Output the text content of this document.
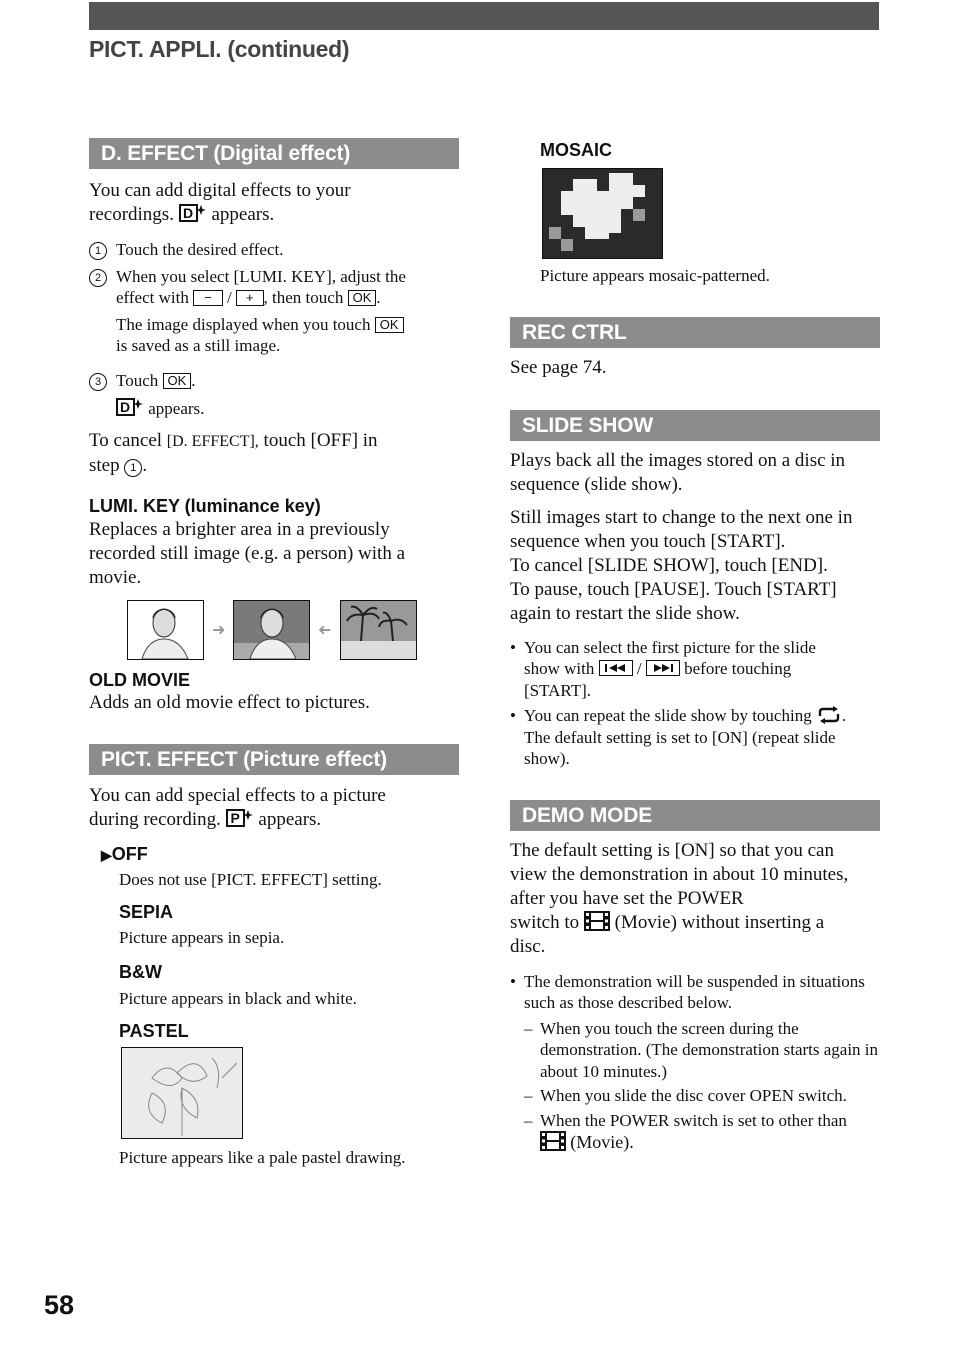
PICT. APPLI. (continued)
D. EFFECT (Digital effect)
You can add digital effects to your
recordings. D appears.
1 Touch the desired effect.
2 When you select [LUMI. KEY], adjust the
effect with − / + , then touch OK .
The image displayed when you touch OK
is saved as a still image.
3 Touch OK .
D appears.
To cancel [D. EFFECT], touch [OFF] in
step 1 .
LUMI. KEY (luminance key)
Replaces a brighter area in a previously recorded still image (e.g. a person) with a movie.
➜	➜
OLD MOVIE
Adds an old movie effect to pictures.
PICT. EFFECT (Picture effect)
You can add special effects to a picture
during recording. P appears.
▶OFF
Does not use [PICT. EFFECT] setting.
SEPIA
Picture appears in sepia.
B&W
Picture appears in black and white.
PASTEL
Picture appears like a pale pastel drawing.
MOSAIC
Picture appears mosaic-patterned.
REC CTRL
See page 74.
SLIDE SHOW
Plays back all the images stored on a disc in sequence (slide show).
Still images start to change to the next one in sequence when you touch [START].
To cancel [SLIDE SHOW], touch [END].
To pause, touch [PAUSE]. Touch [START] again to restart the slide show.
• You can select the first picture for the slide
show with	/	before touching
[START].
• You can repeat the slide show by touching .
The default setting is set to [ON] (repeat slide show).
DEMO MODE
The default setting is [ON] so that you can view the demonstration in about 10 minutes, after you have set the POWER
switch to (Movie) without inserting a
disc.
• The demonstration will be suspended in situations such as those described below.
– When you touch the screen during the demonstration. (The demonstration starts again in about 10 minutes.)
– When you slide the disc cover OPEN switch.
– When the POWER switch is set to other than
(Movie).
58
